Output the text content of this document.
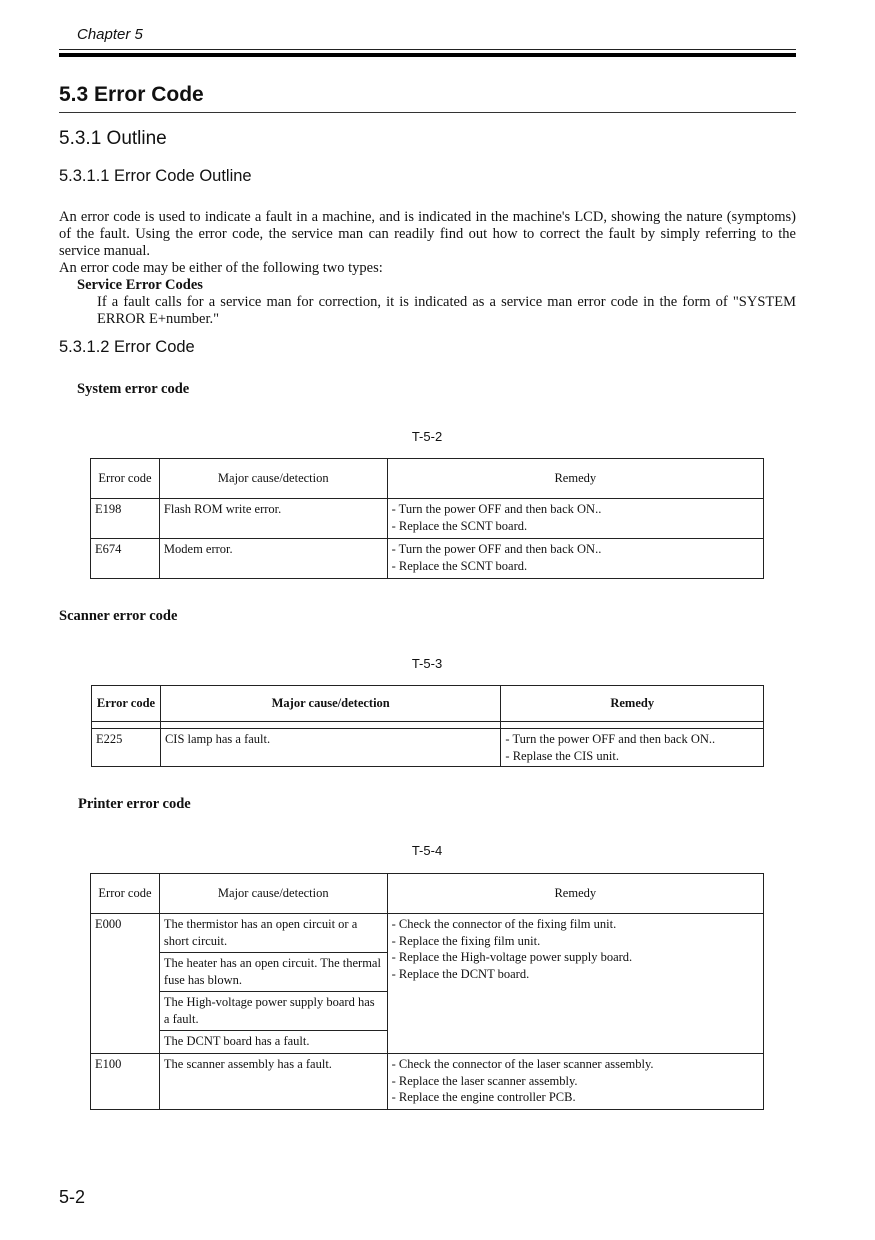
Chapter 5
5.3 Error Code
5.3.1 Outline
5.3.1.1 Error Code Outline

An error code is used to indicate a fault in a machine, and is indicated in the machine's LCD, showing the nature (symptoms) of the fault. Using the error code, the service man can readily find out how to correct the fault by simply referring to the service manual.

An error code may be either of the following two types:

Service Error Codes

If a fault calls for a service man for correction, it is indicated as a service man error code in the form of "SYSTEM ERROR E+number."

5.3.1.2 Error Code
System error code
T-5-2
Error code	Major cause/detection	Remedy
E198	Flash ROM write error.	- Turn the power OFF and then back ON..
- Replace the SCNT board.

E674	Modem error.	- Turn the power OFF and then back ON..
- Replace the SCNT board.
Scanner error code
T-5-3
Error code	Major cause/detection	Remedy

E225	CIS lamp has a fault.	- Turn the power OFF and then back ON..
- Replase the CIS unit.
Printer error code
T-5-4
Error code	Major cause/detection	Remedy
E000	The thermistor has an open circuit or a short circuit.	- Check the connector of the fixing film unit.
- Replace the fixing film unit.
- Replace the High-voltage power supply board.
- Replace the DCNT board.

	The heater has an open circuit. The thermal fuse has blown.	
	The High-voltage power supply board has a fault.	
	The DCNT board has a fault.	
E100	The scanner assembly has a fault.	- Check the connector of the laser scanner assembly.
- Replace the laser scanner assembly.
- Replace the engine controller PCB.
5-2
